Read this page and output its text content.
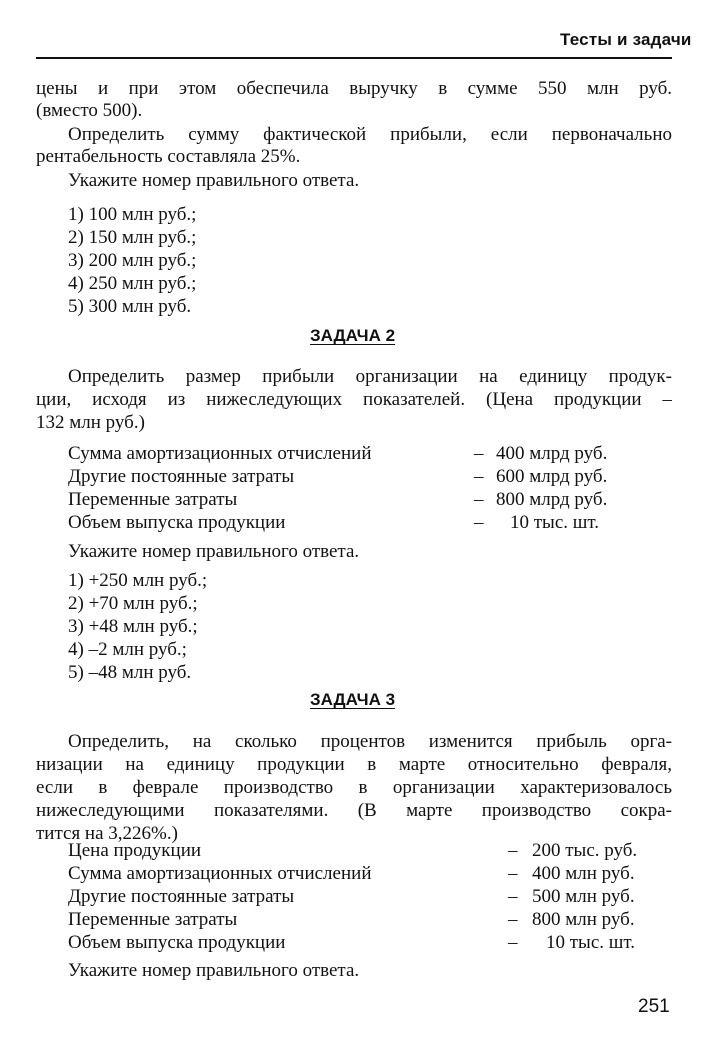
Тесты и задачи
цены и при этом обеспечила выручку в сумме 550 млн руб.
(вместо 500).
Определить сумму фактической прибыли, если первоначально
рентабельность составляла 25%.
Укажите номер правильного ответа.
1) 100 млн руб.;
2) 150 млн руб.;
3) 200 млн руб.;
4) 250 млн руб.;
5) 300 млн руб.
ЗАДАЧА 2
Определить размер прибыли организации на единицу продук-
ции, исходя из нижеследующих показателей. (Цена продукции –
132 млн руб.)
Сумма амортизационных отчислений	– 400 млрд руб.
Другие постоянные затраты	– 600 млрд руб.
Переменные затраты	– 800 млрд руб.
Объем выпуска продукции	– 10 тыс. шт.
Укажите номер правильного ответа.
1) +250 млн руб.;
2) +70 млн руб.;
3) +48 млн руб.;
4) –2 млн руб.;
5) –48 млн руб.
ЗАДАЧА 3
Определить, на сколько процентов изменится прибыль орга-
низации на единицу продукции в марте относительно февраля,
если в феврале производство в организации характеризовалось
нижеследующими показателями. (В марте производство сокра-
тится на 3,226%.)
Цена продукции	– 200 тыс. руб.
Сумма амортизационных отчислений	– 400 млн руб.
Другие постоянные затраты	– 500 млн руб.
Переменные затраты	– 800 млн руб.
Объем выпуска продукции	– 10 тыс. шт.
Укажите номер правильного ответа.
251
